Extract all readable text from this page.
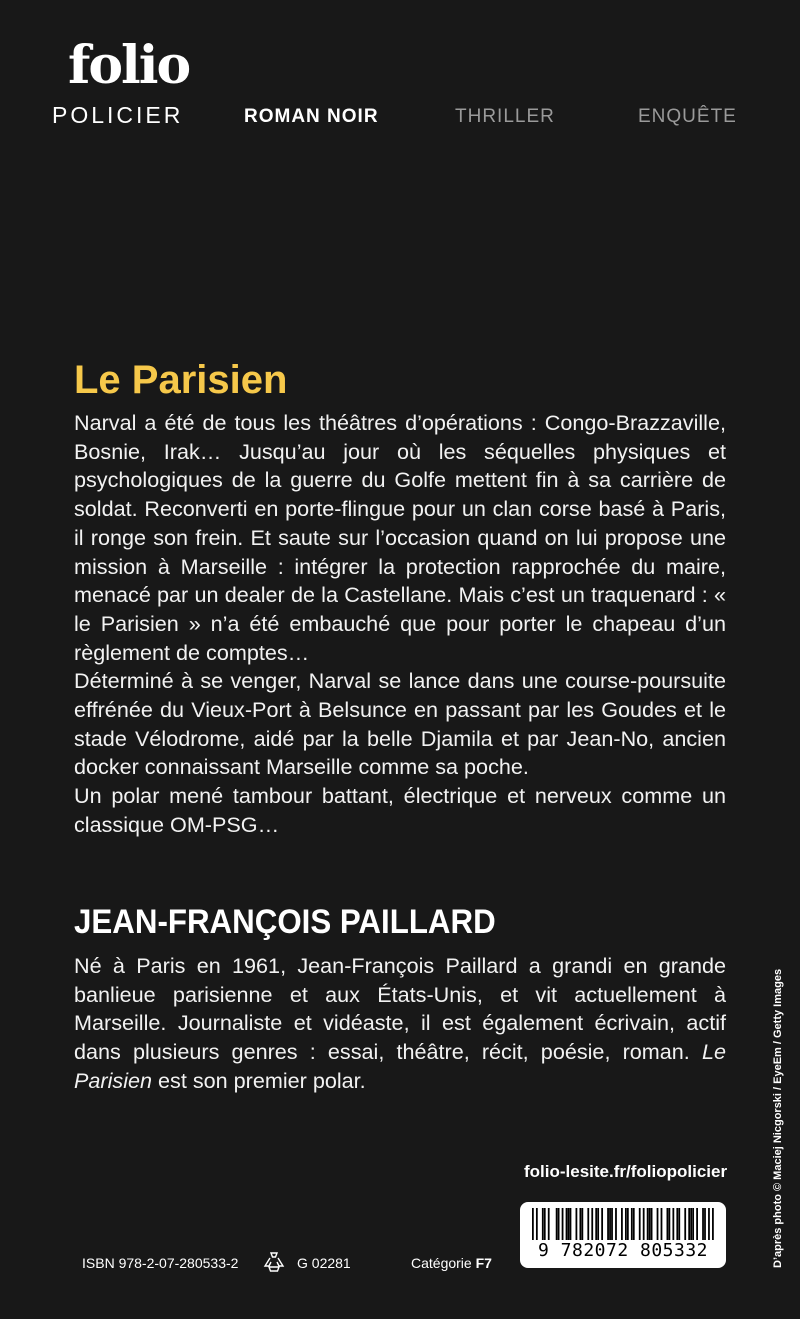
folio
POLICIER	ROMAN NOIR	THRILLER	ENQUÊTE
Le Parisien

Narval a été de tous les théâtres d’opérations : Congo-Brazzaville, Bosnie, Irak… Jusqu’au jour où les séquelles physiques et psychologiques de la guerre du Golfe mettent fin à sa carrière de soldat. Reconverti en porte-flingue pour un clan corse basé à Paris, il ronge son frein. Et saute sur l’occasion quand on lui propose une mission à Marseille : intégrer la protection rapprochée du maire, menacé par un dealer de la Castellane. Mais c’est un traquenard : « le Parisien » n’a été embauché que pour porter le chapeau d’un règlement de comptes…

Déterminé à se venger, Narval se lance dans une course-poursuite effrénée du Vieux-Port à Belsunce en passant par les Goudes et le stade Vélodrome, aidé par la belle Djamila et par Jean-No, ancien docker connaissant Marseille comme sa poche.

Un polar mené tambour battant, électrique et nerveux comme un classique OM-PSG…

JEAN-FRANÇOIS PAILLARD
Né à Paris en 1961, Jean-François Paillard a grandi en grande banlieue parisienne et aux États-Unis, et vit actuellement à Marseille. Journaliste et vidéaste, il est également écrivain, actif dans plusieurs genres : essai, théâtre, récit, poésie, roman. Le Parisien est son premier polar.
folio-lesite.fr/foliopolicier
9 782072 805332
ISBN 978-2-07-280533-2	G 02281	Catégorie F7	D’après photo © Maciej Nicgorski / EyeEm / Getty Images
